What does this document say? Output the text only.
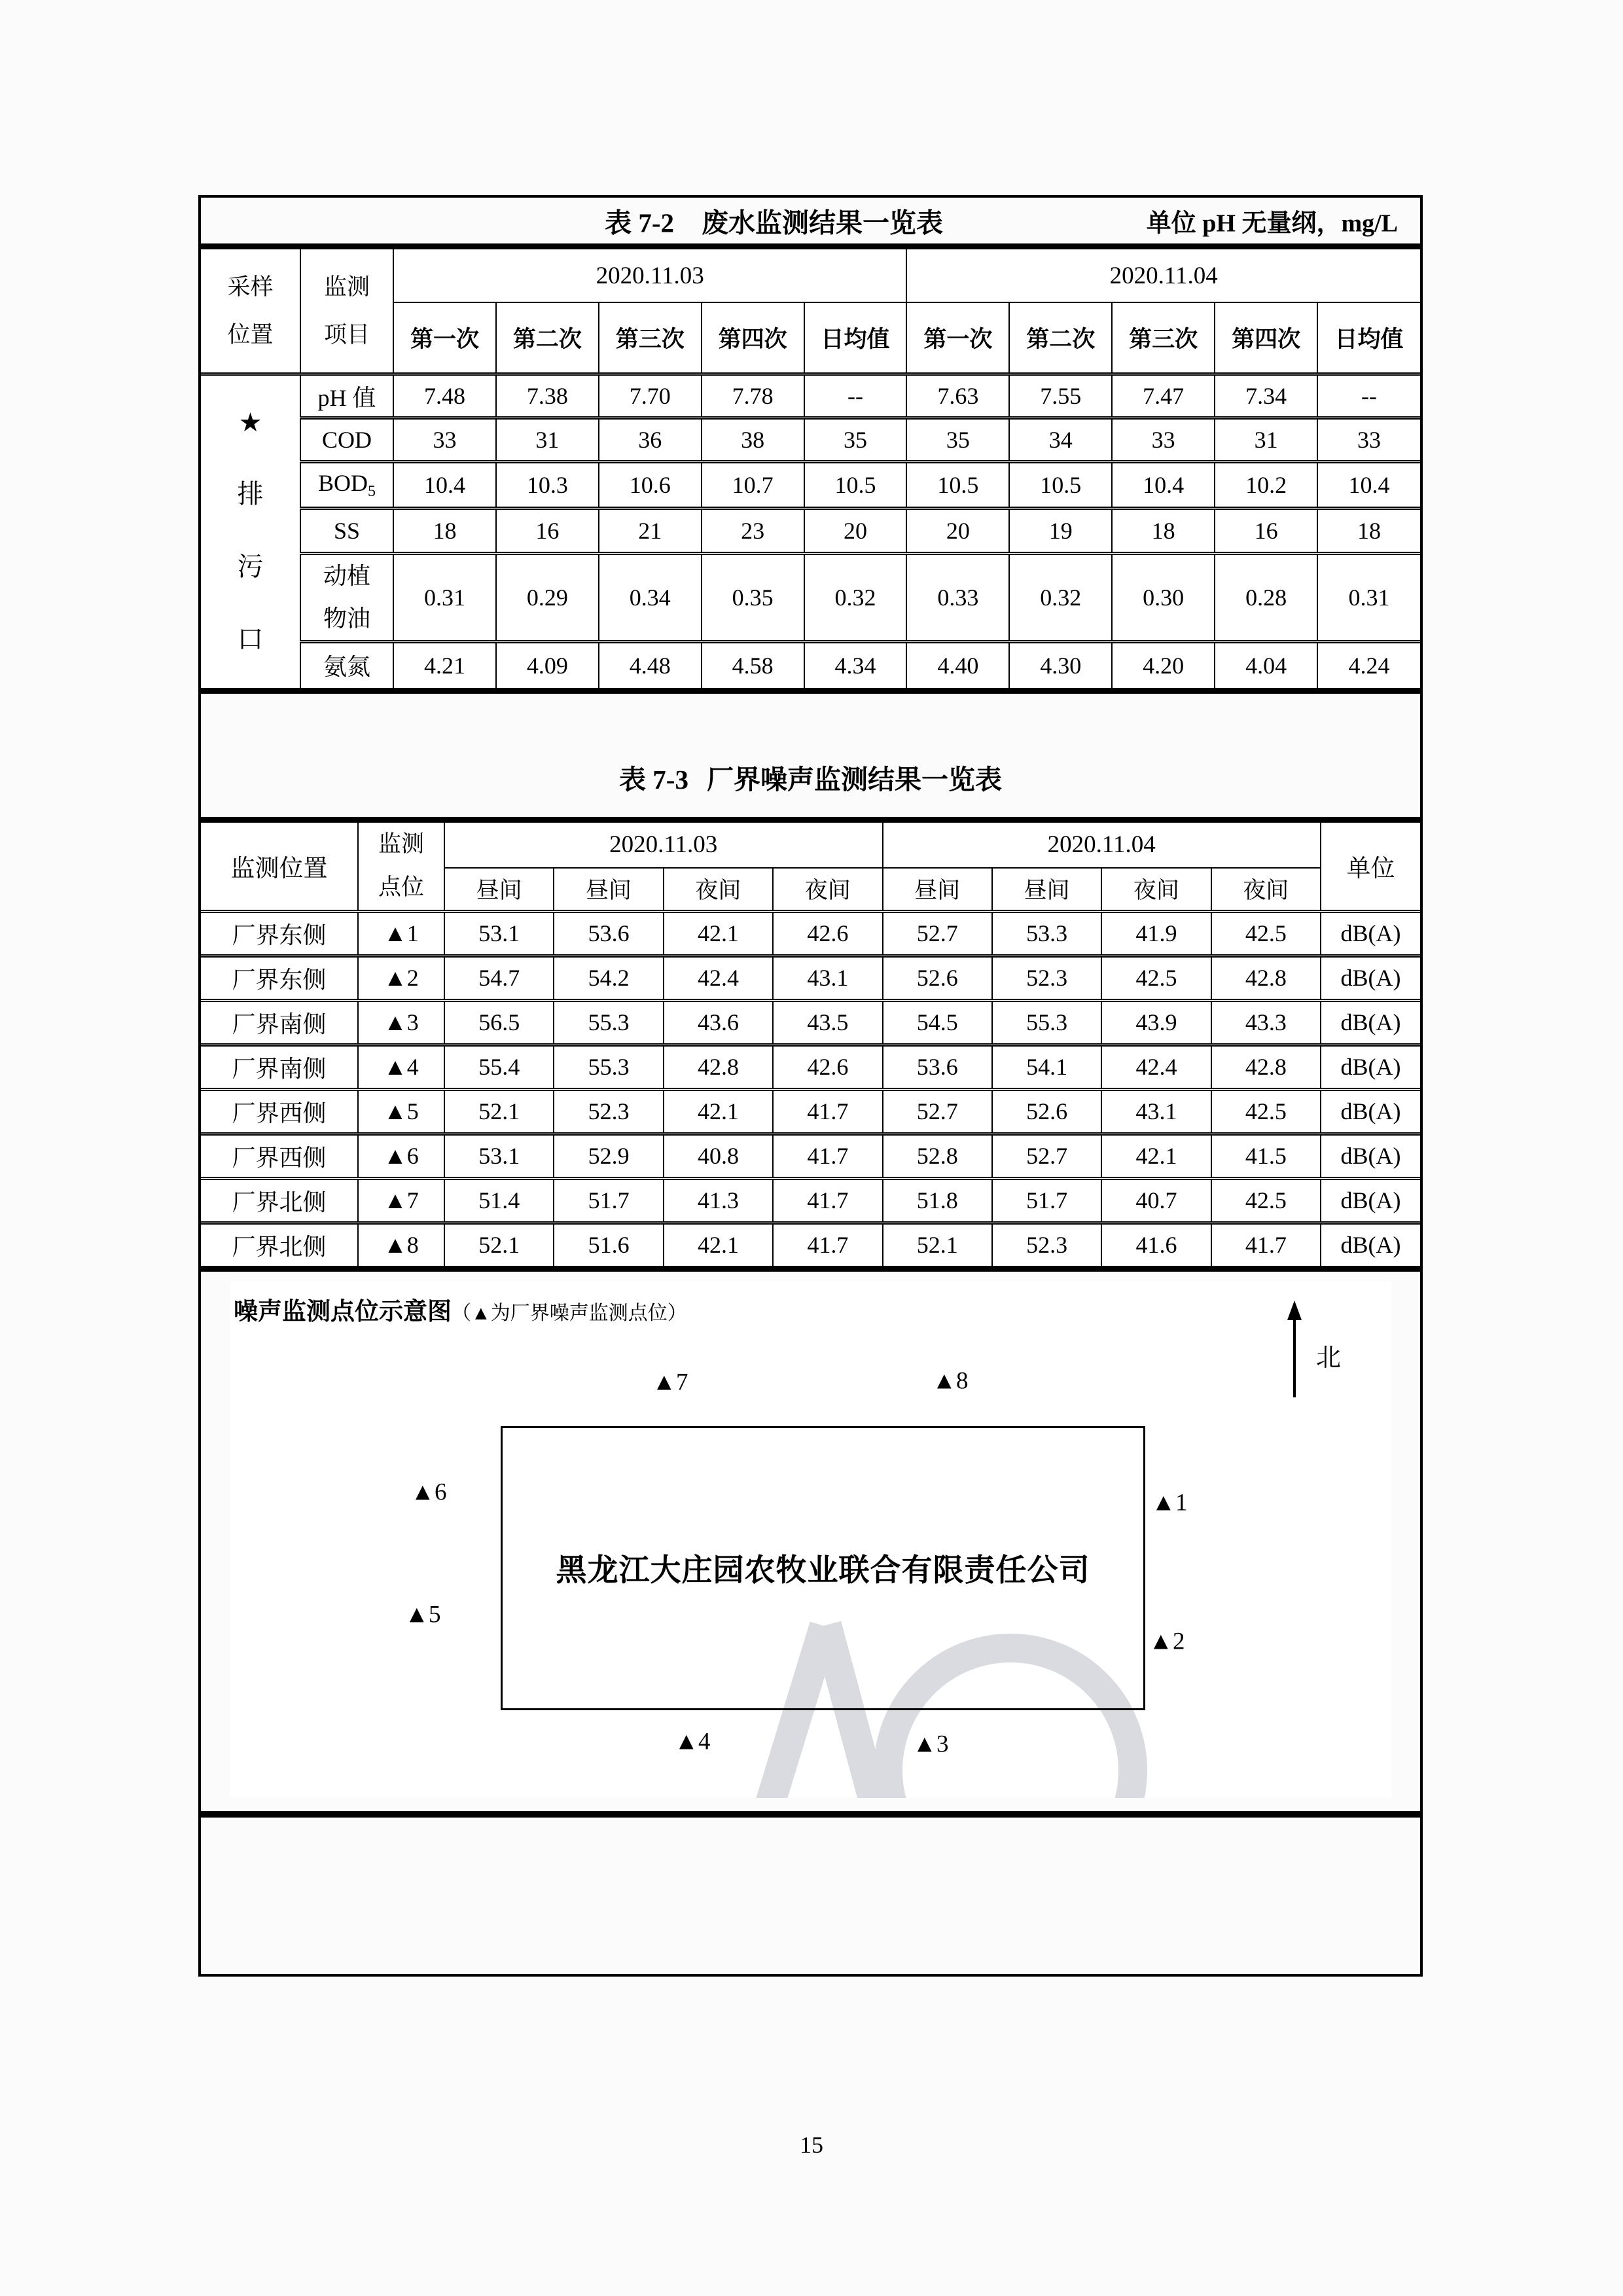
表 7-2 废水监测结果一览表	单位 pH 无量纲，mg/L
采样
位置

监测
项目
	2020.11.03	2020.11.04
		第一次	第二次	第三次	第四次	日均值	第一次	第二次	第三次	第四次	日均值

★
排
污
口	pH 值	7.48	7.38	7.70	7.78	--	7.63	7.55	7.47	7.34	--
	COD	33	31	36	38	35	35	34	33	31	33
	$BOD_5$	10.4	10.3	10.6	10.7	10.5	10.5	10.5	10.4	10.2	10.4
	SS	18	16	21	23	20	20	19	18	16	18

	动植
物油	0.31	0.29	0.34	0.35	0.32	0.33	0.32	0.30	0.28	0.31
	氨氮	4.21	4.09	4.48	4.58	4.34	4.40	4.30	4.20	4.04	4.24
表 7-3 厂界噪声监测结果一览表
监测位置	监测
点位	2020.11.03				2020.11.04				单位
		昼间	昼间	夜间	夜间	昼间	昼间	夜间	夜间	
厂界东侧	▲1	53.1	53.6	42.1	42.6	52.7	53.3	41.9	42.5	dB(A)
厂界东侧	▲2	54.7	54.2	42.4	43.1	52.6	52.3	42.5	42.8	dB(A)
厂界南侧	▲3	56.5	55.3	43.6	43.5	54.5	55.3	43.9	43.3	dB(A)
厂界南侧	▲4	55.4	55.3	42.8	42.6	53.6	54.1	42.4	42.8	dB(A)
厂界西侧	▲5	52.1	52.3	42.1	41.7	52.7	52.6	43.1	42.5	dB(A)
厂界西侧	▲6	53.1	52.9	40.8	41.7	52.8	52.7	42.1	41.5	dB(A)
厂界北侧	▲7	51.4	51.7	41.3	41.7	51.8	51.7	40.7	42.5	dB(A)
厂界北侧	▲8	52.1	51.6	42.1	41.7	52.1	52.3	41.6	41.7	dB(A)
噪声监测点位示意图（▲为厂界噪声监测点位）
黑龙江大庄园农牧业联合有限责任公司
▲1
▲2
▲3
▲4
▲5
▲6
▲7	▲8
北
15
